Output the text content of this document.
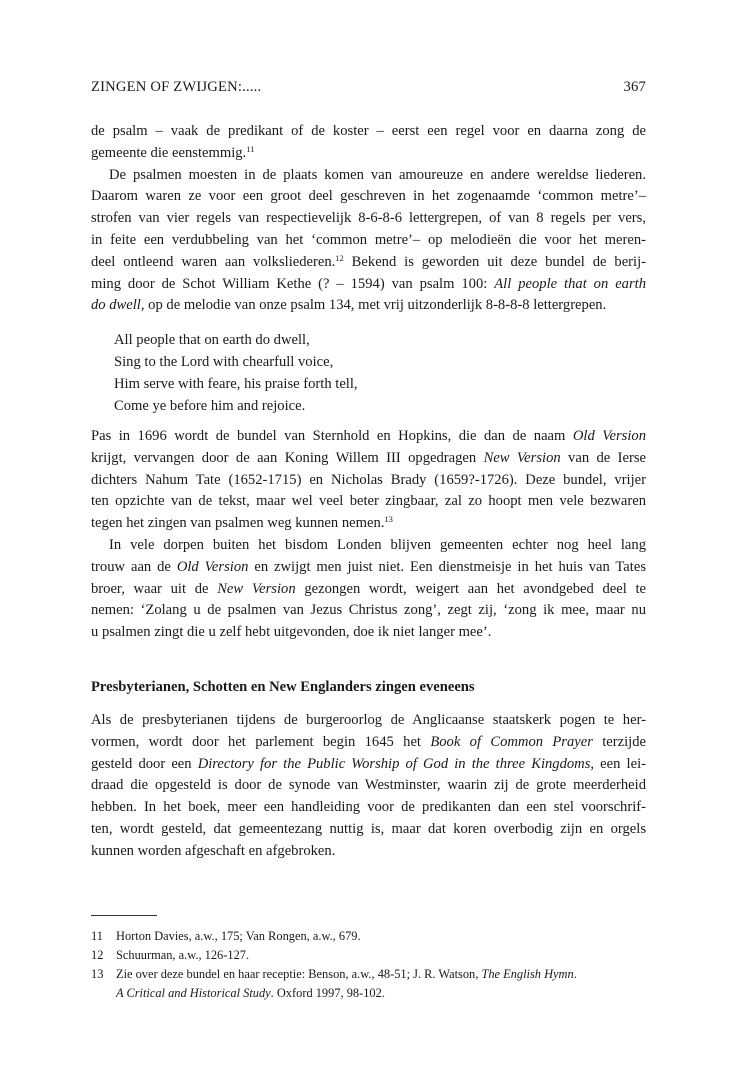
ZINGEN OF ZWIJGEN:.....	367
de psalm – vaak de predikant of de koster – eerst een regel voor en daarna zong de
gemeente die eenstemmig.$^{11}$
De psalmen moesten in de plaats komen van amoureuze en andere wereldse liederen.
Daarom waren ze voor een groot deel geschreven in het zogenaamde ‘common metre’–
strofen van vier regels van respectievelijk 8-6-8-6 lettergrepen, of van 8 regels per vers,
in feite een verdubbeling van het ‘common metre’– op melodieën die voor het meren-
deel ontleend waren aan volksliederen.$^{12}$ Bekend is geworden uit deze bundel de berij-
ming door de Schot William Kethe (? – 1594) van psalm 100: All people that on earth
do dwell, op de melodie van onze psalm 134, met vrij uitzonderlijk 8-8-8-8 lettergrepen.
All people that on earth do dwell,
Sing to the Lord with chearfull voice,
Him serve with feare, his praise forth tell,
Come ye before him and rejoice.
Pas in 1696 wordt de bundel van Sternhold en Hopkins, die dan de naam Old Version
krijgt, vervangen door de aan Koning Willem III opgedragen New Version van de Ierse
dichters Nahum Tate (1652-1715) en Nicholas Brady (1659?-1726). Deze bundel, vrijer
ten opzichte van de tekst, maar wel veel beter zingbaar, zal zo hoopt men vele bezwaren
tegen het zingen van psalmen weg kunnen nemen.$^{13}$
In vele dorpen buiten het bisdom Londen blijven gemeenten echter nog heel lang
trouw aan de Old Version en zwijgt men juist niet. Een dienstmeisje in het huis van Tates
broer, waar uit de New Version gezongen wordt, weigert aan het avondgebed deel te
nemen: ‘Zolang u de psalmen van Jezus Christus zong’, zegt zij, ‘zong ik mee, maar nu
u psalmen zingt die u zelf hebt uitgevonden, doe ik niet langer mee’.
Presbyterianen, Schotten en New Englanders zingen eveneens
Als de presbyterianen tijdens de burgeroorlog de Anglicaanse staatskerk pogen te her-
vormen, wordt door het parlement begin 1645 het Book of Common Prayer terzijde
gesteld door een Directory for the Public Worship of God in the three Kingdoms, een lei-
draad die opgesteld is door de synode van Westminster, waarin zij de grote meerderheid
hebben. In het boek, meer een handleiding voor de predikanten dan een stel voorschrif-
ten, wordt gesteld, dat gemeentezang nuttig is, maar dat koren overbodig zijn en orgels
kunnen worden afgeschaft en afgebroken.
11 Horton Davies, a.w., 175; Van Rongen, a.w., 679.
12 Schuurman, a.w., 126-127.
13 Zie over deze bundel en haar receptie: Benson, a.w., 48-51; J. R. Watson, The English Hymn.
A Critical and Historical Study. Oxford 1997, 98-102.
